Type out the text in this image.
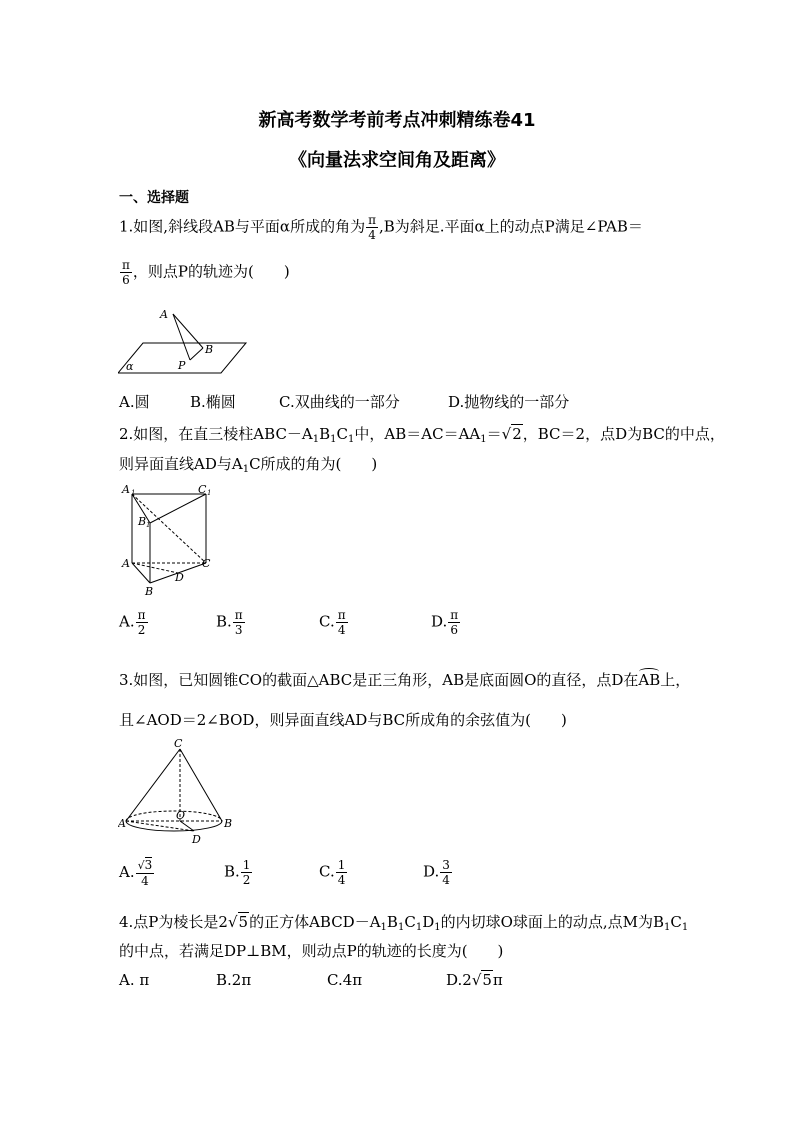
新高考数学考前考点冲刺精练卷41
《向量法求空间角及距离》
一、选择题
1.如图,斜线段AB与平面α所成的角为 $\frac{\pi}{4} ,B$为斜足.平面α上的动点P满足∠PAB＝
$\frac{\pi}{6}$ ，则点P的轨迹为(　　)
A
B
P
α
A.圆	B.椭圆	C.双曲线的一部分	D.抛物线的一部分
2.如图，在直三棱柱$ABC-A_1B_1C_1$中，$AB=AC=AA_1=√2$，BC＝2，点D为BC的中点，
则异面直线AD与$A_1C$所成的角为(　　)
A 1	C 1
B 1
A	C
D
B
A. $\frac{\pi}{2}$	B. $\frac{\pi}{3}$	C. $\frac{\pi}{4}$	D. $\frac{\pi}{6}$
3.如图，已知圆锥CO的截面△ABC是正三角形，AB是底面圆O的直径，点D在AB上，
且∠AOD＝2∠BOD，则异面直线AD与BC所成角的余弦值为(　　)
C
A
O
B
D
A. $\frac{√3}{4}$	B. $\frac{1}{2}$	C. $\frac{1}{4}$	D. $\frac{3}{4}$
4.点P为棱长是2√5的正方体$ABCD-A_1B_1C_1D_1$的内切球O球面上的动点,点M为$B_1C_1$
的中点，若满足DP⊥BM，则动点P的轨迹的长度为(　　)
A. π	B.2π	C.4π	D.2√5π
